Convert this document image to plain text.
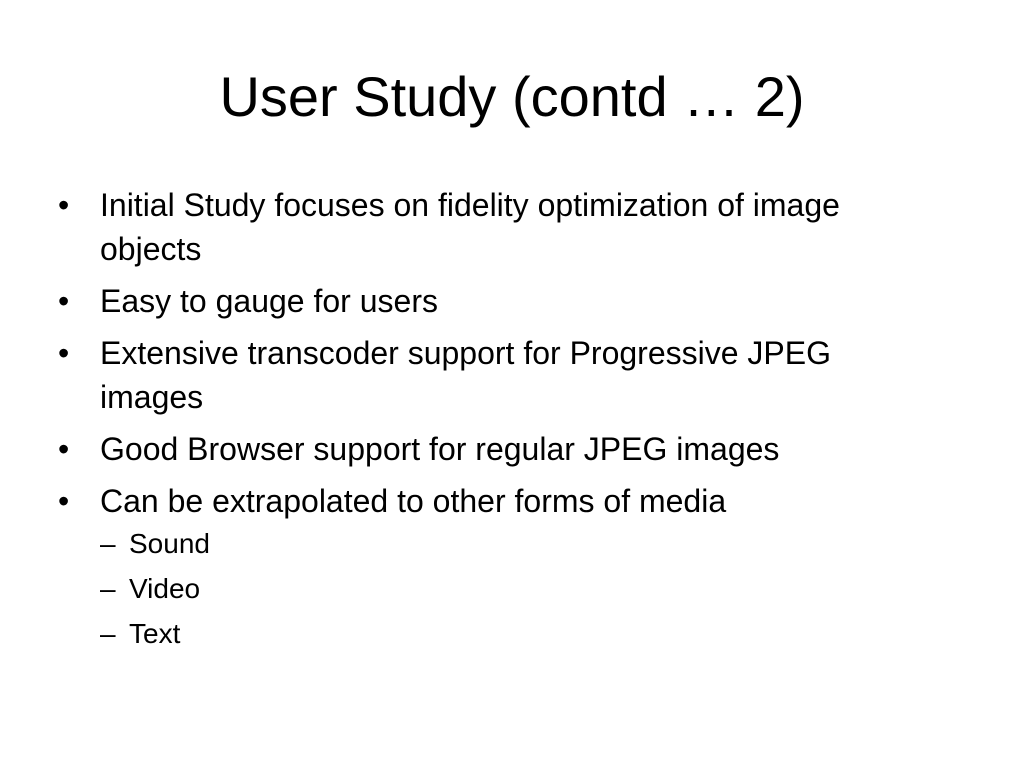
User Study (contd … 2)
• Initial Study focuses on fidelity optimization of image objects
• Easy to gauge for users
• Extensive transcoder support for Progressive JPEG images
• Good Browser support for regular JPEG images
• Can be extrapolated to other forms of media
– Sound
– Video
– Text
